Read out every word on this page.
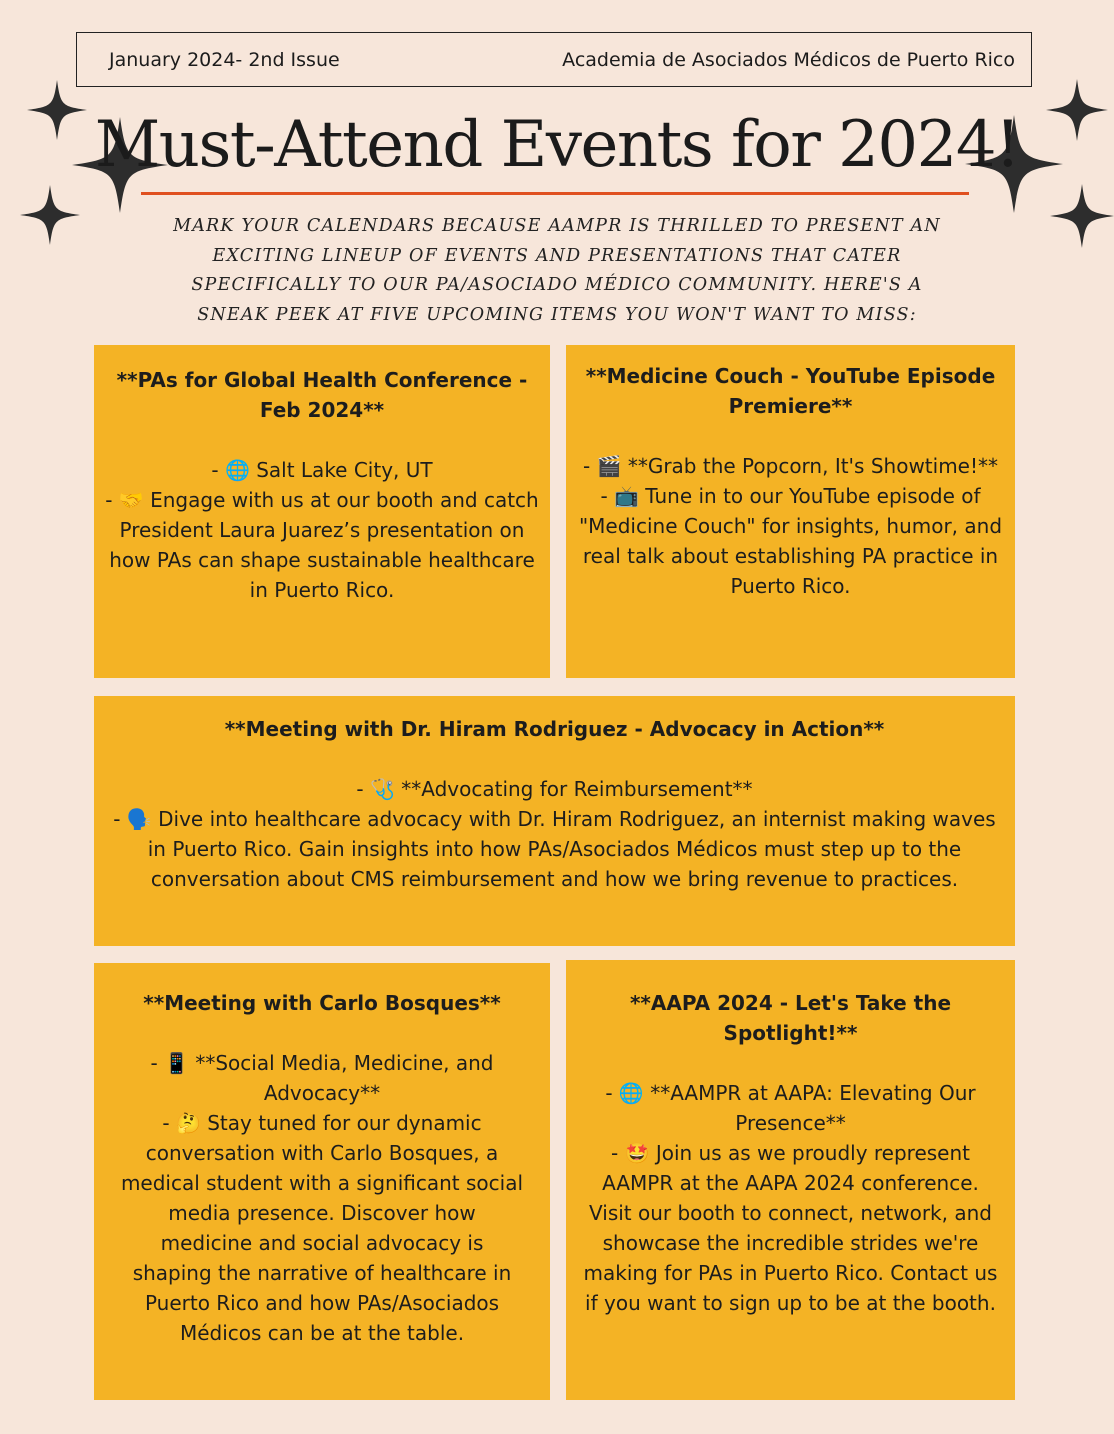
January 2024- 2nd Issue	Academia de Asociados Médicos de Puerto Rico
Must-Attend Events for 2024!
MARK YOUR CALENDARS BECAUSE AAMPR IS THRILLED TO PRESENT AN EXCITING LINEUP OF EVENTS AND PRESENTATIONS THAT CATER SPECIFICALLY TO OUR PA/ASOCIADO MÉDICO COMMUNITY. HERE'S A SNEAK PEEK AT FIVE UPCOMING ITEMS YOU WON'T WANT TO MISS:
**PAs for Global Health Conference - Feb 2024**
- 🌐 Salt Lake City, UT
- 🤝 Engage with us at our booth and catch President Laura Juarez’s presentation on how PAs can shape sustainable healthcare in Puerto Rico.
**Medicine Couch - YouTube Episode Premiere**
- 🎬 **Grab the Popcorn, It's Showtime!**
- 📺 Tune in to our YouTube episode of "Medicine Couch" for insights, humor, and real talk about establishing PA practice in Puerto Rico.
**Meeting with Dr. Hiram Rodriguez - Advocacy in Action**
- 🩺 **Advocating for Reimbursement**
- 🗣️ Dive into healthcare advocacy with Dr. Hiram Rodriguez, an internist making waves in Puerto Rico. Gain insights into how PAs/Asociados Médicos must step up to the conversation about CMS reimbursement and how we bring revenue to practices.
**Meeting with Carlo Bosques**
- 📱 **Social Media, Medicine, and Advocacy**
- 🤔 Stay tuned for our dynamic conversation with Carlo Bosques, a medical student with a significant social media presence. Discover how medicine and social advocacy is shaping the narrative of healthcare in Puerto Rico and how PAs/Asociados Médicos can be at the table.
**AAPA 2024 - Let's Take the Spotlight!**
- 🌐 **AAMPR at AAPA: Elevating Our Presence**
- 🤩 Join us as we proudly represent AAMPR at the AAPA 2024 conference. Visit our booth to connect, network, and showcase the incredible strides we're making for PAs in Puerto Rico. Contact us if you want to sign up to be at the booth.
